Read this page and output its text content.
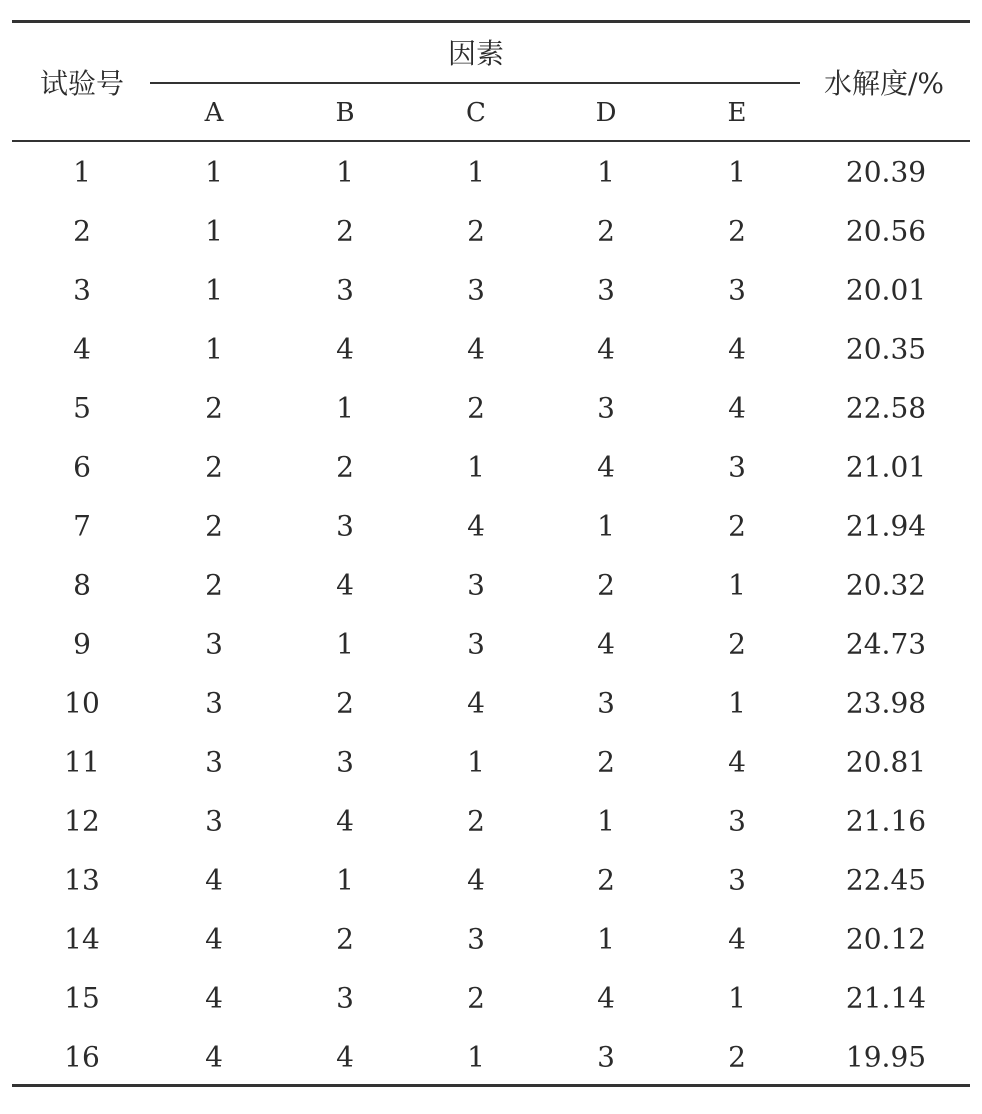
试验号
因素
水解度/%
A	B	C	D	E
1	1	1	1	1	1	20.39
2	1	2	2	2	2	20.56
3	1	3	3	3	3	20.01
4	1	4	4	4	4	20.35
5	2	1	2	3	4	22.58
6	2	2	1	4	3	21.01
7	2	3	4	1	2	21.94
8	2	4	3	2	1	20.32
9	3	1	3	4	2	24.73
10	3	2	4	3	1	23.98
11	3	3	1	2	4	20.81
12	3	4	2	1	3	21.16
13	4	1	4	2	3	22.45
14	4	2	3	1	4	20.12
15	4	3	2	4	1	21.14
16	4	4	1	3	2	19.95
